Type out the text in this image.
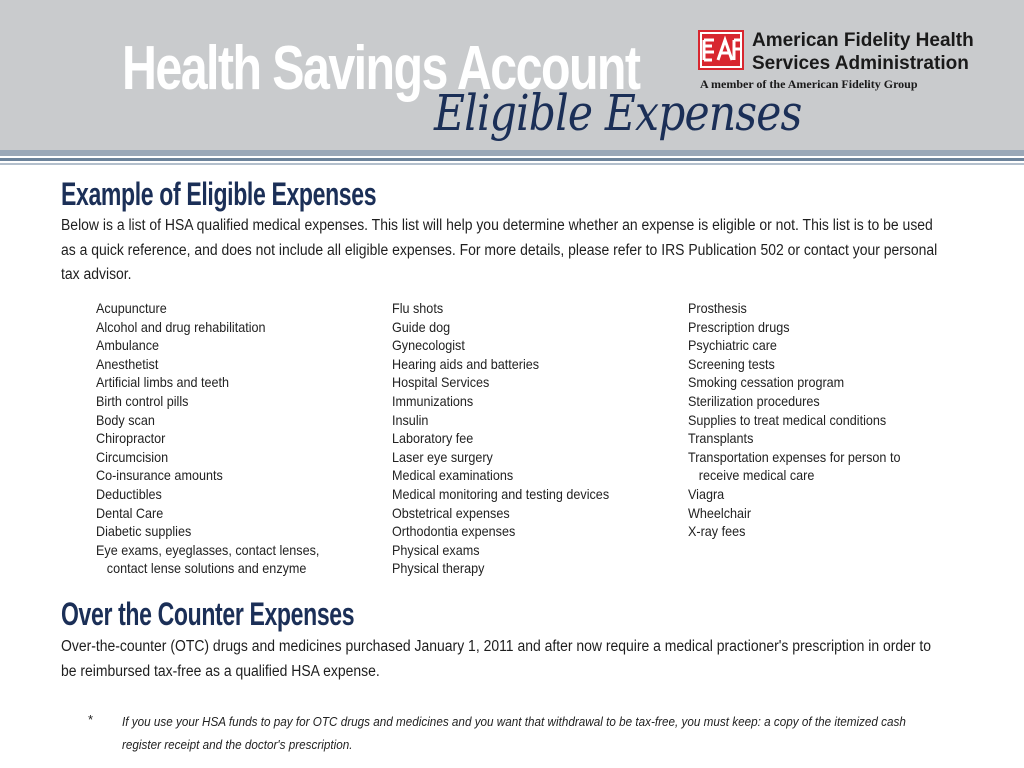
Health Savings Account
Eligible Expenses
American Fidelity Health
Services Administration
A member of the American Fidelity Group
Example of Eligible Expenses
Below is a list of HSA qualified medical expenses. This list will help you determine whether an expense is eligible or not. This list is to be used
as a quick reference, and does not include all eligible expenses. For more details, please refer to IRS Publication 502 or contact your personal
tax advisor.
Acupuncture
Alcohol and drug rehabilitation
Ambulance
Anesthetist
Artificial limbs and teeth
Birth control pills
Body scan
Chiropractor
Circumcision
Co-insurance amounts
Deductibles
Dental Care
Diabetic supplies
Eye exams, eyeglasses, contact lenses,
contact lense solutions and enzyme
Flu shots
Guide dog
Gynecologist
Hearing aids and batteries
Hospital Services
Immunizations
Insulin
Laboratory fee
Laser eye surgery
Medical examinations
Medical monitoring and testing devices
Obstetrical expenses
Orthodontia expenses
Physical exams
Physical therapy
Prosthesis
Prescription drugs
Psychiatric care
Screening tests
Smoking cessation program
Sterilization procedures
Supplies to treat medical conditions
Transplants
Transportation expenses for person to
receive medical care
Viagra
Wheelchair
X-ray fees
Over the Counter Expenses
Over-the-counter (OTC) drugs and medicines purchased January 1, 2011 and after now require a medical practioner's prescription in order to
be reimbursed tax-free as a qualified HSA expense.
* If you use your HSA funds to pay for OTC drugs and medicines and you want that withdrawal to be tax-free, you must keep: a copy of the itemized cash
register receipt and the doctor's prescription.
